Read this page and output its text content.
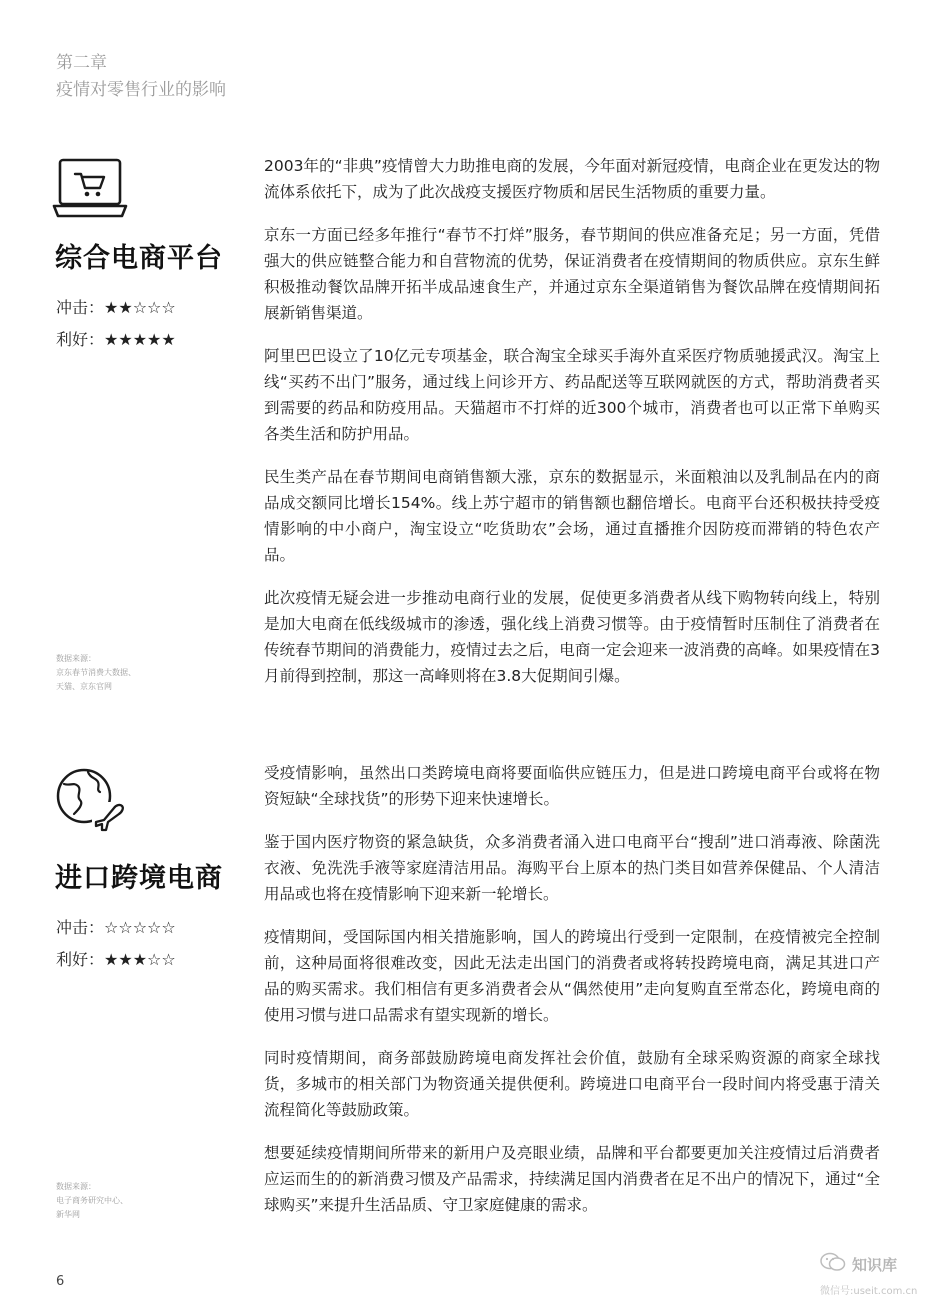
第二章
疫情对零售行业的影响
综合电商平台
冲击：★★☆☆☆
利好：★★★★★
数据来源：
京东春节消费大数据、
天猫、京东官网

2003年的“非典”疫情曾大力助推电商的发展，今年面对新冠疫情，电商企业在更发达的物流体系依托下，成为了此次战疫支援医疗物质和居民生活物质的重要力量。

京东一方面已经多年推行“春节不打烊”服务，春节期间的供应准备充足；另一方面，凭借强大的供应链整合能力和自营物流的优势，保证消费者在疫情期间的物质供应。京东生鲜积极推动餐饮品牌开拓半成品速食生产，并通过京东全渠道销售为餐饮品牌在疫情期间拓展新销售渠道。

阿里巴巴设立了10亿元专项基金，联合淘宝全球买手海外直采医疗物质驰援武汉。淘宝上线“买药不出门”服务，通过线上问诊开方、药品配送等互联网就医的方式，帮助消费者买到需要的药品和防疫用品。天猫超市不打烊的近300个城市，消费者也可以正常下单购买各类生活和防护用品。

民生类产品在春节期间电商销售额大涨，京东的数据显示，米面粮油以及乳制品在内的商品成交额同比增长154%。线上苏宁超市的销售额也翻倍增长。电商平台还积极扶持受疫情影响的中小商户，淘宝设立“吃货助农”会场，通过直播推介因防疫而滞销的特色农产品。

此次疫情无疑会进一步推动电商行业的发展，促使更多消费者从线下购物转向线上，特别是加大电商在低线级城市的渗透，强化线上消费习惯等。由于疫情暂时压制住了消费者在传统春节期间的消费能力，疫情过去之后，电商一定会迎来一波消费的高峰。如果疫情在3月前得到控制，那这一高峰则将在3.8大促期间引爆。

进口跨境电商
冲击：☆☆☆☆☆
利好：★★★☆☆
数据来源：
电子商务研究中心、
新华网

受疫情影响，虽然出口类跨境电商将要面临供应链压力，但是进口跨境电商平台或将在物资短缺“全球找货”的形势下迎来快速增长。

鉴于国内医疗物资的紧急缺货，众多消费者涌入进口电商平台“搜刮”进口消毒液、除菌洗衣液、免洗洗手液等家庭清洁用品。海购平台上原本的热门类目如营养保健品、个人清洁用品或也将在疫情影响下迎来新一轮增长。

疫情期间，受国际国内相关措施影响，国人的跨境出行受到一定限制，在疫情被完全控制前，这种局面将很难改变，因此无法走出国门的消费者或将转投跨境电商，满足其进口产品的购买需求。我们相信有更多消费者会从“偶然使用”走向复购直至常态化，跨境电商的使用习惯与进口品需求有望实现新的增长。

同时疫情期间，商务部鼓励跨境电商发挥社会价值，鼓励有全球采购资源的商家全球找货，多城市的相关部门为物资通关提供便利。跨境进口电商平台一段时间内将受惠于清关流程简化等鼓励政策。

想要延续疫情期间所带来的新用户及亮眼业绩，品牌和平台都要更加关注疫情过后消费者应运而生的的新消费习惯及产品需求，持续满足国内消费者在足不出户的情况下，通过“全球购买”来提升生活品质、守卫家庭健康的需求。

6
知识库
微信号:useit.com.cn
